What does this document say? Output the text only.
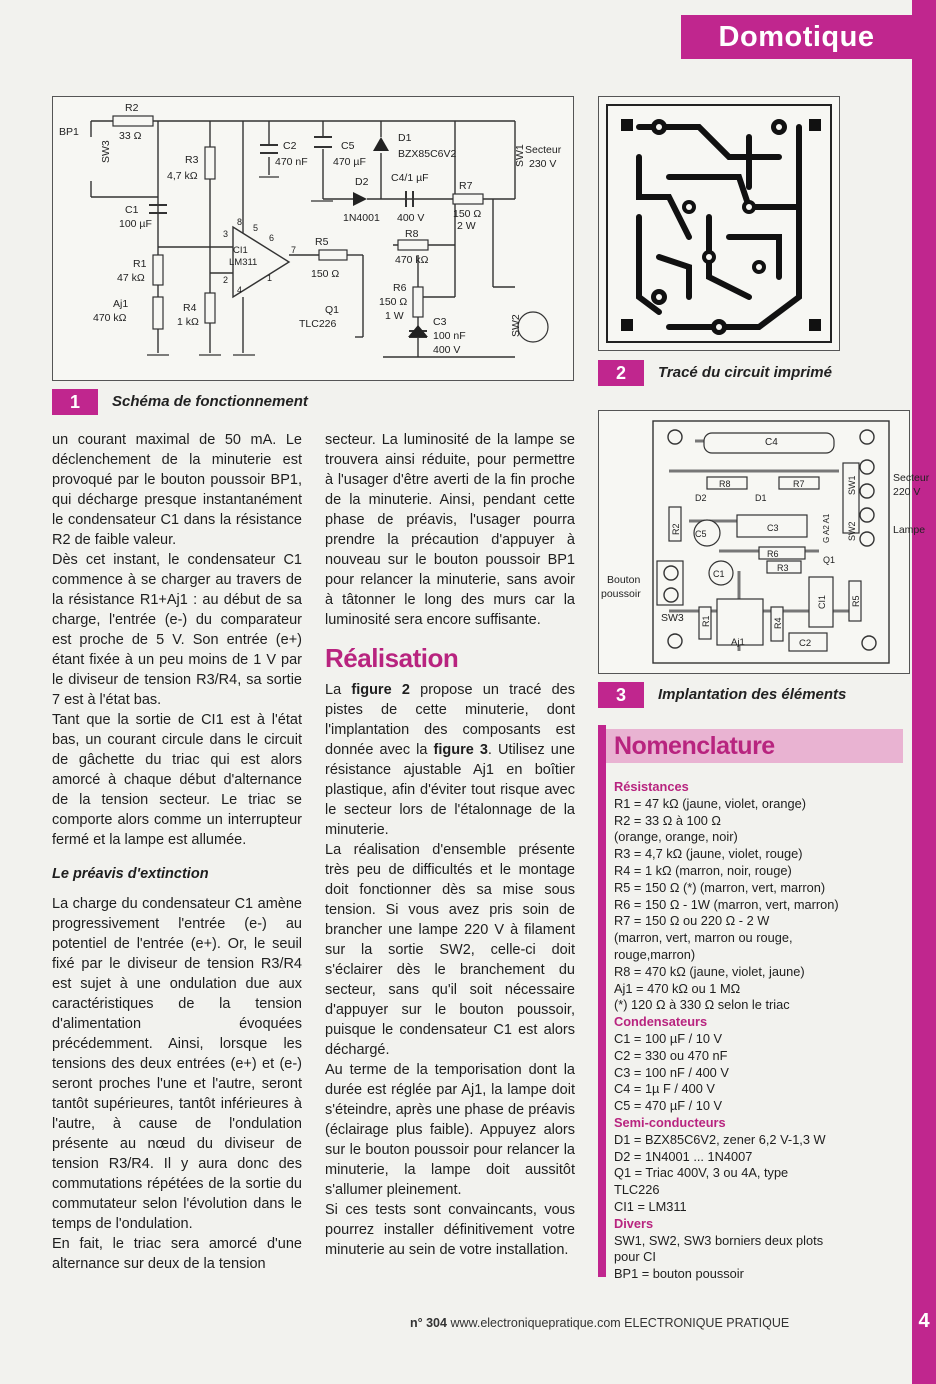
Domotique
R2
33 Ω
BP1
SW3	R3
4,7 kΩ
C2
470 nF
C5
470 µF
D1
BZX85C6V2	SW1 Secteur
230 V
D2
1N4001
C4/1 µF
400 V
R7
150 Ω
2 W
C1
100 µF
CI1
LM311
R5
150 Ω
R8
470 kΩ
R1
47 kΩ
Aj1
470 kΩ
R4
1 kΩ
R6
150 Ω
1 W
Q1
TLC226	C3
100 nF
400 V
SW2
3
2
8
5
6
4
1
7
1	Schéma de fonctionnement
2	Tracé du circuit imprimé
C4
R8	R7
D2	D1
R2 C5
C3
R6
R3
C1
Q1
SW1
SW2
G A2 A1
Secteur
220 V
Lampe
Bouton
poussoir
SW3 R1	R4
Aj1
CI1	R5
C2
3	Implantation des éléments

un courant maximal de 50 mA. Le déclenchement de la minuterie est provoqué par le bouton poussoir BP1, qui décharge presque instantanément le condensateur C1 dans la résistance R2 de faible valeur.

Dès cet instant, le condensateur C1 commence à se charger au travers de la résistance R1+Aj1 : au début de sa charge, l'entrée (e-) du comparateur est proche de 5 V. Son entrée (e+) étant fixée à un peu moins de 1 V par le diviseur de tension R3/R4, sa sortie 7 est à l'état bas.

Tant que la sortie de CI1 est à l'état bas, un courant circule dans le circuit de gâchette du triac qui est alors amorcé à chaque début d'alternance de la tension secteur. Le triac se comporte alors comme un interrupteur fermé et la lampe est allumée.

Le préavis d'extinction

La charge du condensateur C1 amène progressivement l'entrée (e-) au potentiel de l'entrée (e+). Or, le seuil fixé par le diviseur de tension R3/R4 est sujet à une ondulation due aux caractéristiques de la tension d'alimentation évoquées précédemment. Ainsi, lorsque les tensions des deux entrées (e+) et (e-) seront proches l'une et l'autre, seront tantôt supérieures, tantôt inférieures à l'autre, à cause de l'ondulation présente au nœud du diviseur de tension R3/R4. Il y aura donc des commutations répétées de la sortie du commutateur selon l'évolution dans le temps de l'ondulation.

En fait, le triac sera amorcé d'une alternance sur deux de la tension

secteur. La luminosité de la lampe se trouvera ainsi réduite, pour permettre à l'usager d'être averti de la fin proche de la minuterie. Ainsi, pendant cette phase de préavis, l'usager pourra prendre la précaution d'appuyer à nouveau sur le bouton poussoir BP1 pour relancer la minuterie, sans avoir à tâtonner le long des murs car la luminosité sera encore suffisante.

Réalisation

La figure 2 propose un tracé des pistes de cette minuterie, dont l'implantation des composants est donnée avec la figure 3. Utilisez une résistance ajustable Aj1 en boîtier plastique, afin d'éviter tout risque avec le secteur lors de l'étalonnage de la minuterie.

La réalisation d'ensemble présente très peu de difficultés et le montage doit fonctionner dès sa mise sous tension. Si vous avez pris soin de brancher une lampe 220 V à filament sur la sortie SW2, celle-ci doit s'éclairer dès le branchement du secteur, sans qu'il soit nécessaire d'appuyer sur le bouton poussoir, puisque le condensateur C1 est alors déchargé.

Au terme de la temporisation dont la durée est réglée par Aj1, la lampe doit s'éteindre, après une phase de préavis (éclairage plus faible). Appuyez alors sur le bouton poussoir pour relancer la minuterie, la lampe doit aussitôt s'allumer pleinement.

Si ces tests sont convaincants, vous pourrez installer définitivement votre minuterie au sein de votre installation.

Nomenclature
Résistances
R1 = 47 kΩ (jaune, violet, orange)
R2 = 33 Ω à 100 Ω
(orange, orange, noir)
R3 = 4,7 kΩ (jaune, violet, rouge)
R4 = 1 kΩ (marron, noir, rouge)
R5 = 150 Ω (*) (marron, vert, marron)
R6 = 150 Ω - 1W (marron, vert, marron)
R7 = 150 Ω ou 220 Ω - 2 W
(marron, vert, marron ou rouge,
rouge,marron)
R8 = 470 kΩ (jaune, violet, jaune)
Aj1 = 470 kΩ ou 1 MΩ
(*) 120 Ω à 330 Ω selon le triac
Condensateurs
C1 = 100 µF / 10 V
C2 = 330 ou 470 nF
C3 = 100 nF / 400 V
C4 = 1µ F / 400 V
C5 = 470 µF / 10 V
Semi-conducteurs
D1 = BZX85C6V2, zener 6,2 V-1,3 W
D2 = 1N4001 ... 1N4007
Q1 = Triac 400V, 3 ou 4A, type
TLC226
CI1 = LM311
Divers
SW1, SW2, SW3 borniers deux plots
pour CI
BP1 = bouton poussoir
n° 304 www.electroniquepratique.com ELECTRONIQUE PRATIQUE	4
